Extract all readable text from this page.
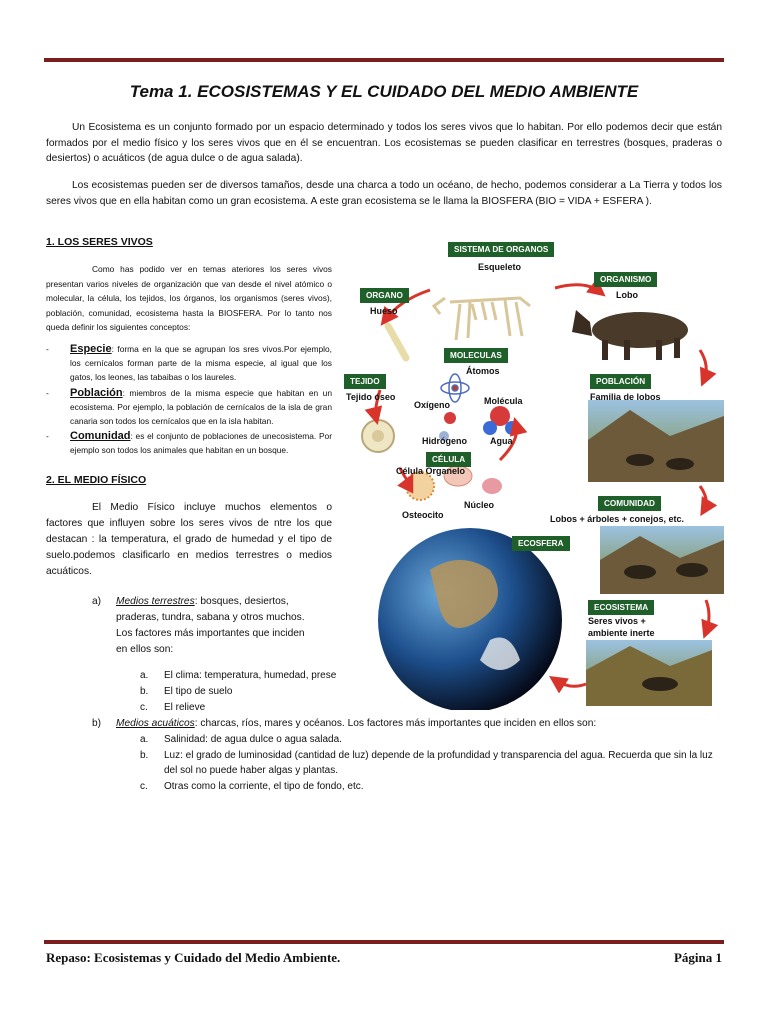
Tema 1. ECOSISTEMAS Y EL CUIDADO DEL MEDIO AMBIENTE
Un Ecosistema es un conjunto formado por un espacio determinado y todos los seres vivos que lo habitan. Por ello podemos decir que están formados por el medio físico y los seres vivos que en él se encuentran. Los ecosistemas se pueden clasificar en terrestres (bosques, praderas o desiertos) o acuáticos (de agua dulce o de agua salada).
Los ecosistemas pueden ser de diversos tamaños, desde una charca a todo un océano, de hecho, podemos considerar a La Tierra y todos los seres vivos que en ella habitan como un gran ecosistema. A este gran ecosistema se le llama la BIOSFERA (BIO = VIDA + ESFERA ).
1. LOS SERES VIVOS
Como has podido ver en temas ateriores los seres vivos presentan varios niveles de organización que van desde el nivel atómico o molecular, la célula, los tejidos, los órganos, los organismos (seres vivos), población, comunidad, ecosistema hasta la BIOSFERA. Por lo tanto nos queda definir los siguientes conceptos:
- Especie: forma en la que se agrupan los sres vivos.Por ejemplo, los cernícalos forman parte de la misma especie, al igual que los gatos, los leones, las tabaibas o los laureles.
- Población: miembros de la misma especie que habitan en un ecosistema. Por ejemplo, la población de cernícalos de la isla de gran canaria son todos los cernícalos que en la isla habitan.
- Comunidad: es el conjunto de poblaciones de unecosistema. Por ejemplo son todos los animales que habitan en un bosque.
2. EL MEDIO FÍSICO
El Medio Físico incluye muchos elementos o factores que influyen sobre los seres vivos de ntre los que destacan : la temperatura, el grado de humedad y el tipo de suelo.podemos clasificarlo en medios terrestres o medios acuáticos.
a) Medios terrestres: bosques, desiertos, praderas, tundra, sabana y otros muchos. Los factores más importantes que inciden en ellos son:
a. El clima: temperatura, humedad, prese
b. El tipo de suelo
c. El relieve
b) Medios acuáticos: charcas, ríos, mares y océanos. Los factores más importantes que inciden en ellos son:
a. Salinidad: de agua dulce o agua salada.
b. Luz: el grado de luminosidad (cantidad de luz) depende de la profundidad y transparencia del agua. Recuerda que sin la luz del sol no puede haber algas y plantas.
c. Otras como la corriente, el tipo de fondo, etc.
SISTEMA DE ORGANOS
Esqueleto
ORGANISMO
Lobo
ORGANO
Hueso
MOLECULAS
Átomos
TEJIDO
Tejido óseo
Oxígeno	Molécula
POBLACIÓN
Familia de lobos
Hidrógeno	Agua
CÉLULA
Célula Organelo
Osteocito
Núcleo	COMUNIDAD
Lobos + árboles + conejos, etc.
ECOSFERA
ECOSISTEMA
Seres vivos +
ambiente inerte
Repaso: Ecosistemas y Cuidado del Medio Ambiente.	Página 1
